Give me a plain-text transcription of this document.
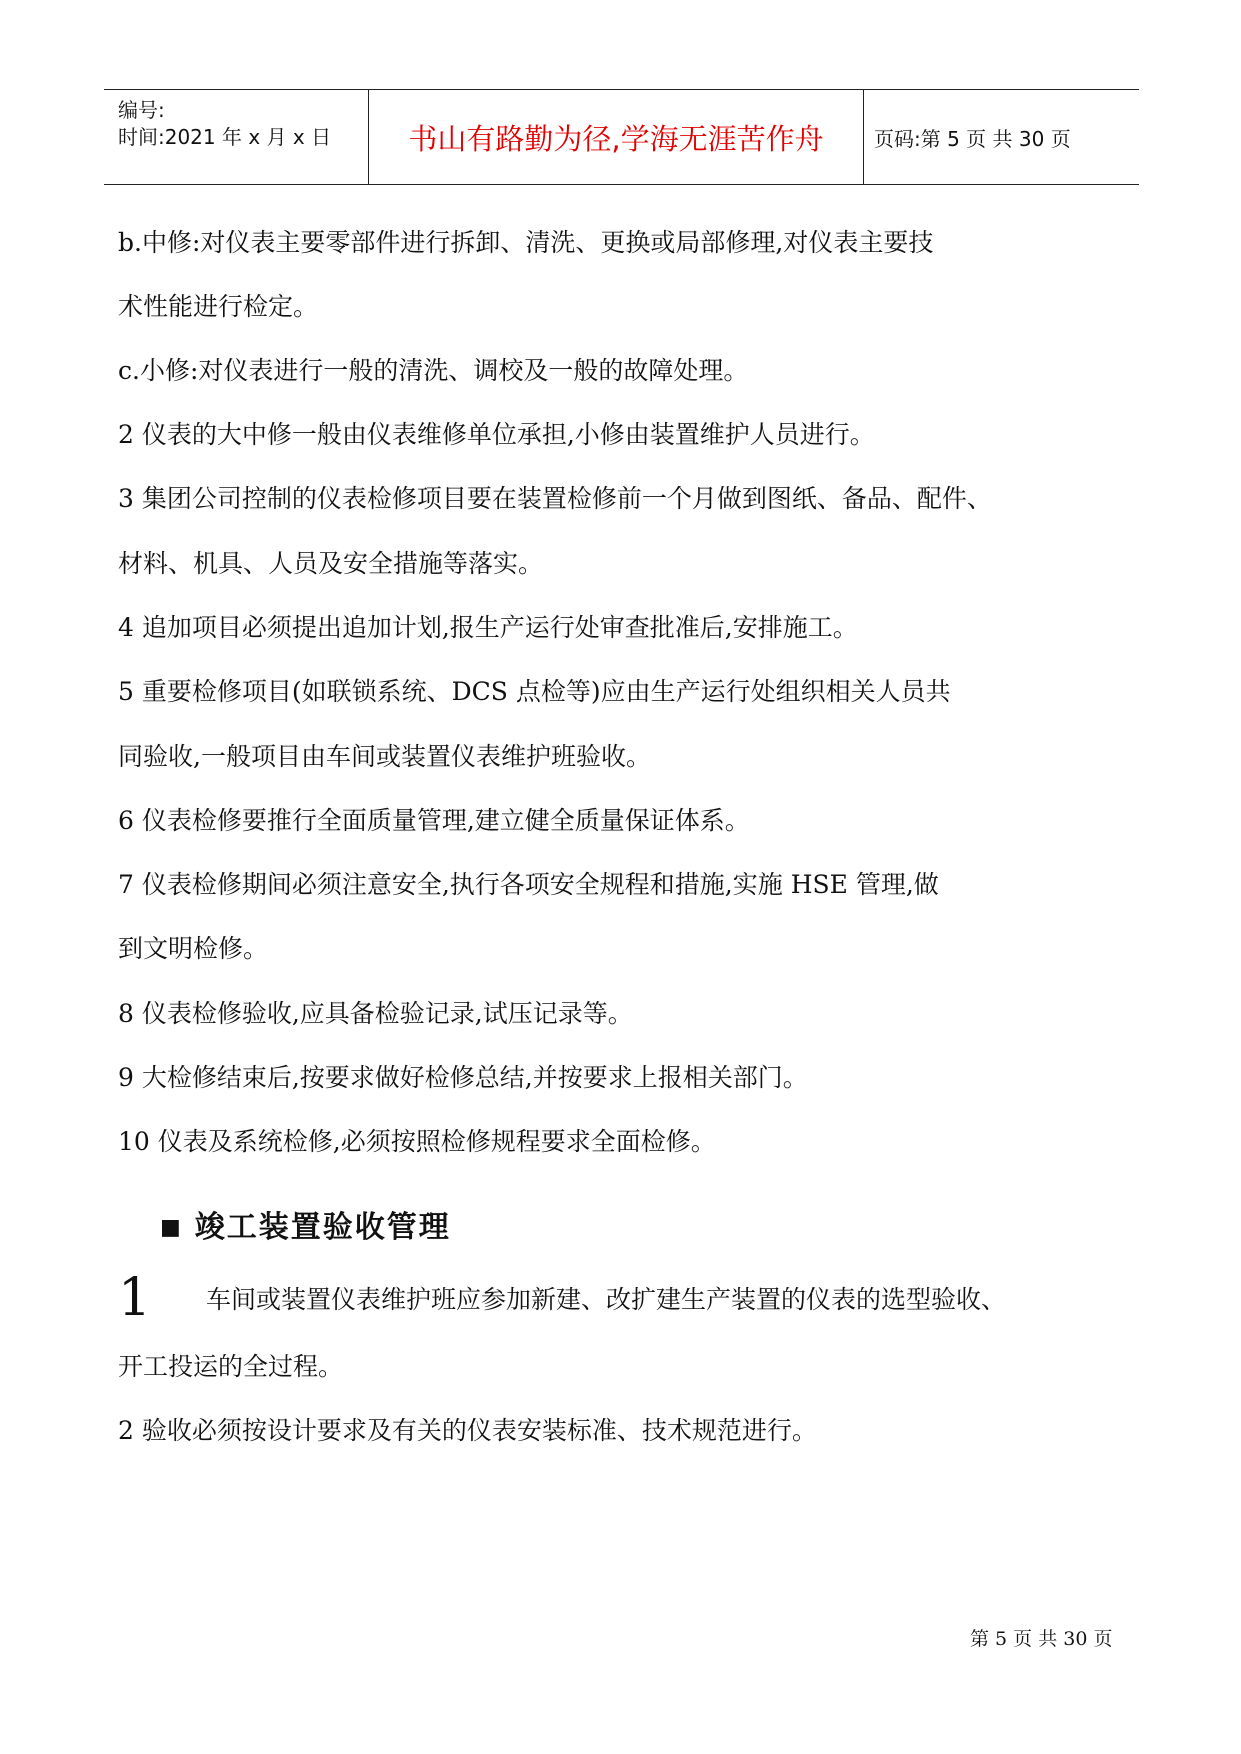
编号:
时间:2021 年 x 月 x 日	书山有路勤为径,学海无涯苦作舟	页码:第 5 页 共 30 页
b.中修:对仪表主要零部件进行拆卸、清洗、更换或局部修理,对仪表主要技
术性能进行检定。
c.小修:对仪表进行一般的清洗、调校及一般的故障处理。
2 仪表的大中修一般由仪表维修单位承担,小修由装置维护人员进行。
3 集团公司控制的仪表检修项目要在装置检修前一个月做到图纸、备品、配件、
材料、机具、人员及安全措施等落实。
4 追加项目必须提出追加计划,报生产运行处审查批准后,安排施工。
5 重要检修项目(如联锁系统、DCS 点检等)应由生产运行处组织相关人员共
同验收,一般项目由车间或装置仪表维护班验收。
6 仪表检修要推行全面质量管理,建立健全质量保证体系。
7 仪表检修期间必须注意安全,执行各项安全规程和措施,实施 HSE 管理,做
到文明检修。
8 仪表检修验收,应具备检验记录,试压记录等。
9 大检修结束后,按要求做好检修总结,并按要求上报相关部门。
10 仪表及系统检修,必须按照检修规程要求全面检修。
■ 竣工装置验收管理
1 车间或装置仪表维护班应参加新建、改扩建生产装置的仪表的选型验收、
开工投运的全过程。
2 验收必须按设计要求及有关的仪表安装标准、技术规范进行。
第 5 页 共 30 页
